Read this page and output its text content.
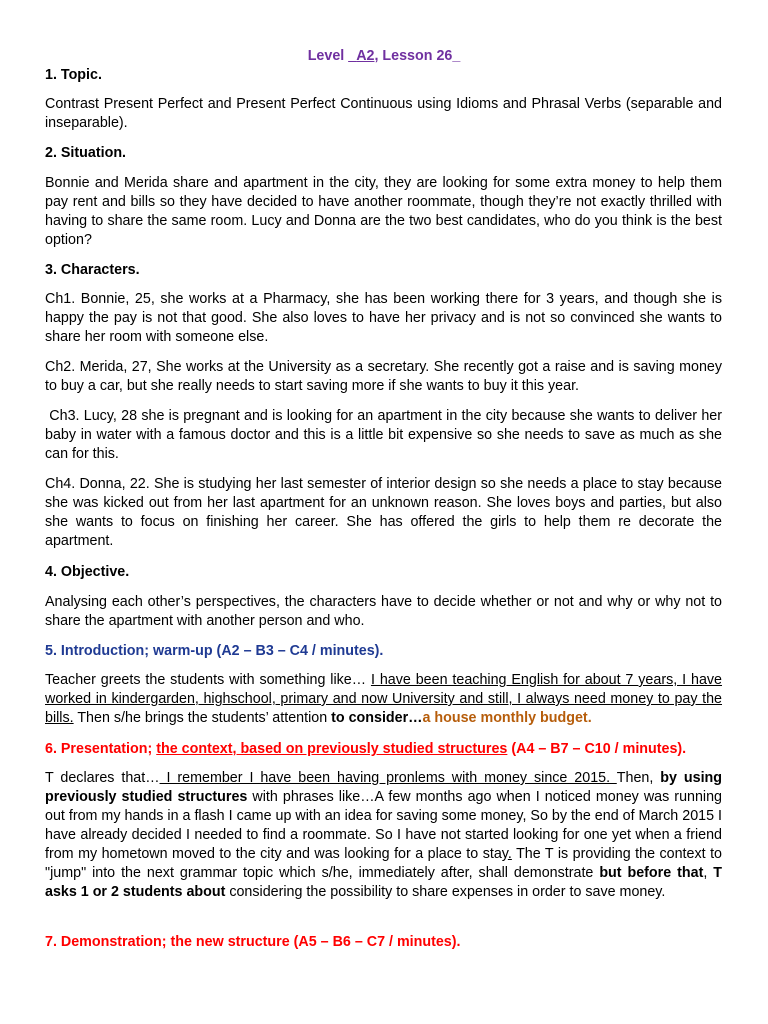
Level _A2, Lesson 26_

1. Topic.

Contrast Present Perfect and Present Perfect Continuous using Idioms and Phrasal Verbs (separable and inseparable).

2. Situation.

Bonnie and Merida share and apartment in the city, they are looking for some extra money to help them pay rent and bills so they have decided to have another roommate, though they’re not exactly thrilled with having to share the same room. Lucy and Donna are the two best candidates, who do you think is the best option?

3. Characters.

Ch1. Bonnie, 25, she works at a Pharmacy, she has been working there for 3 years, and though she is happy the pay is not that good. She also loves to have her privacy and is not so convinced she wants to share her room with someone else.

Ch2. Merida, 27, She works at the University as a secretary. She recently got a raise and is saving money to buy a car, but she really needs to start saving more if she wants to buy it this year.

Ch3. Lucy, 28 she is pregnant and is looking for an apartment in the city because she wants to deliver her baby in water with a famous doctor and this is a little bit expensive so she needs to save as much as she can for this.

Ch4. Donna, 22. She is studying her last semester of interior design so she needs a place to stay because she was kicked out from her last apartment for an unknown reason. She loves boys and parties, but also she wants to focus on finishing her career. She has offered the girls to help them re decorate the apartment.

4. Objective.

Analysing each other’s perspectives, the characters have to decide whether or not and why or why not to share the apartment with another person and who.

5. Introduction; warm-up (A2 – B3 – C4 / minutes).

Teacher greets the students with something like… I have been teaching English for about 7 years, I have worked in kindergarden, highschool, primary and now University and still, I always need money to pay the bills. Then s/he brings the students’ attention to consider…a house monthly budget.

6. Presentation; the context, based on previously studied structures (A4 – B7 – C10 / minutes).

T declares that… I remember I have been having pronlems with money since 2015. Then, by using previously studied structures with phrases like…A few months ago when I noticed money was running out from my hands in a flash I came up with an idea for saving some money, So by the end of March 2015 I have already decided I needed to find a roommate. So I have not started looking for one yet when a friend from my hometown moved to the city and was looking for a place to stay. The T is providing the context to "jump" into the next grammar topic which s/he, immediately after, shall demonstrate but before that, T asks 1 or 2 students about considering the possibility to share expenses in order to save money.

7. Demonstration; the new structure (A5 – B6 – C7 / minutes).
